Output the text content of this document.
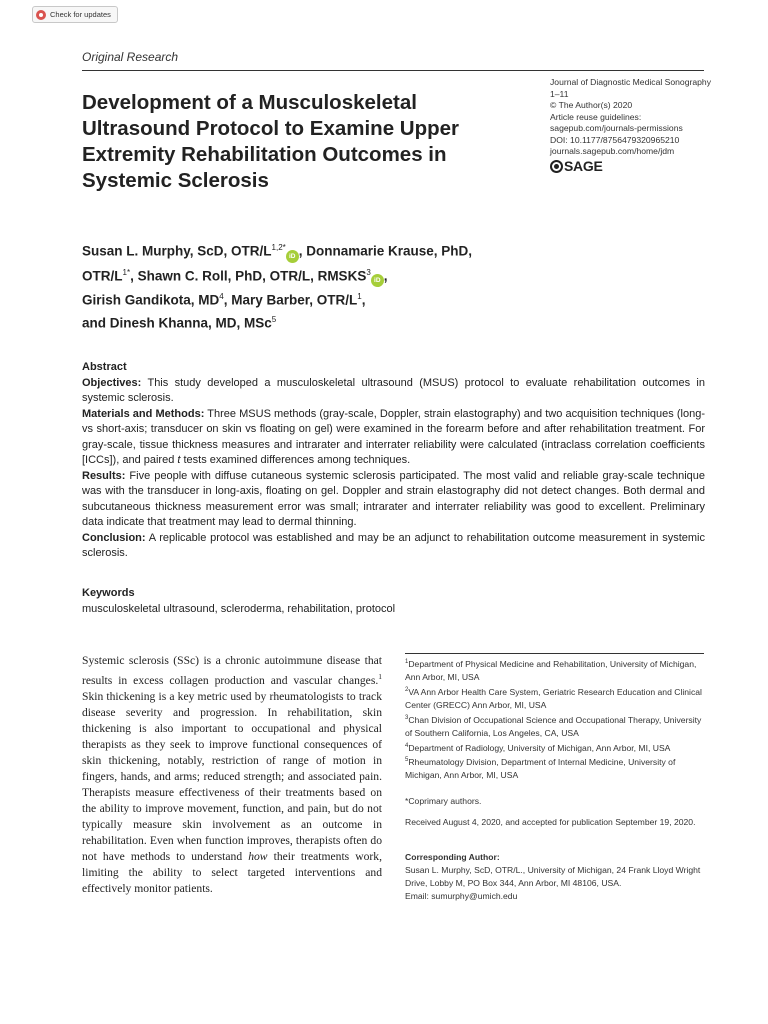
Check for updates
Original Research
Development of a Musculoskeletal Ultrasound Protocol to Examine Upper Extremity Rehabilitation Outcomes in Systemic Sclerosis
Journal of Diagnostic Medical Sonography
1–11
© The Author(s) 2020
Article reuse guidelines:
sagepub.com/journals-permissions
DOI: 10.1177/8756479320965210
journals.sagepub.com/home/jdm
SAGE
Susan L. Murphy, ScD, OTR/$L^{1,2*}iD$ , Donnamarie Krause, PhD, OTR/$L^{1*}$, Shawn C. Roll, PhD, OTR/L, RMSKS$^3$iD ,
Girish Gandikota, $MD^4$, Mary Barber, OTR/$L^1$,
and Dinesh Khanna, MD, MSc$^5$
Abstract

Objectives: This study developed a musculoskeletal ultrasound (MSUS) protocol to evaluate rehabilitation outcomes in systemic sclerosis.

Materials and Methods: Three MSUS methods (gray-scale, Doppler, strain elastography) and two acquisition techniques (long- vs short-axis; transducer on skin vs floating on gel) were examined in the forearm before and after rehabilitation treatment. For gray-scale, tissue thickness measures and intrarater and interrater reliability were calculated (intraclass correlation coefficients [ICCs]), and paired t tests examined differences among techniques.

Results: Five people with diffuse cutaneous systemic sclerosis participated. The most valid and reliable gray-scale technique was with the transducer in long-axis, floating on gel. Doppler and strain elastography did not detect changes. Both dermal and subcutaneous thickness measurement error was small; intrarater and interrater reliability was good to excellent. Preliminary data indicate that treatment may lead to dermal thinning.

Conclusion: A replicable protocol was established and may be an adjunct to rehabilitation outcome measurement in systemic sclerosis.

Keywords
musculoskeletal ultrasound, scleroderma, rehabilitation, protocol

Systemic sclerosis (SSc) is a chronic autoimmune disease that results in excess collagen production and vascular changes.$^1$ Skin thickening is a key metric used by rheumatologists to track disease severity and progression. In rehabilitation, skin thickening is also important to occupational and physical therapists as they seek to improve functional consequences of skin thickening, notably, restriction of range of motion in fingers, hands, and arms; reduced strength; and associated pain. Therapists measure effectiveness of their treatments based on the ability to improve movement, function, and pain, but do not typically measure skin involvement as an outcome in rehabilitation. Even when function improves, therapists often do not have methods to understand how their treatments work, limiting the ability to select targeted interventions and effectively monitor patients.

$^1$Department of Physical Medicine and Rehabilitation, University of Michigan, Ann Arbor, MI, USA

$^2$VA Ann Arbor Health Care System, Geriatric Research Education and Clinical Center (GRECC) Ann Arbor, MI, USA

$^3$Chan Division of Occupational Science and Occupational Therapy, University of Southern California, Los Angeles, CA, USA

$^4$Department of Radiology, University of Michigan, Ann Arbor, MI, USA

$^5$Rheumatology Division, Department of Internal Medicine, University of Michigan, Ann Arbor, MI, USA

*Coprimary authors.
Received August 4, 2020, and accepted for publication September 19, 2020.
Corresponding Author:
Susan L. Murphy, ScD, OTR/L., University of Michigan, 24 Frank Lloyd Wright Drive, Lobby M, PO Box 344, Ann Arbor, MI 48106, USA.
Email: sumurphy@umich.edu
